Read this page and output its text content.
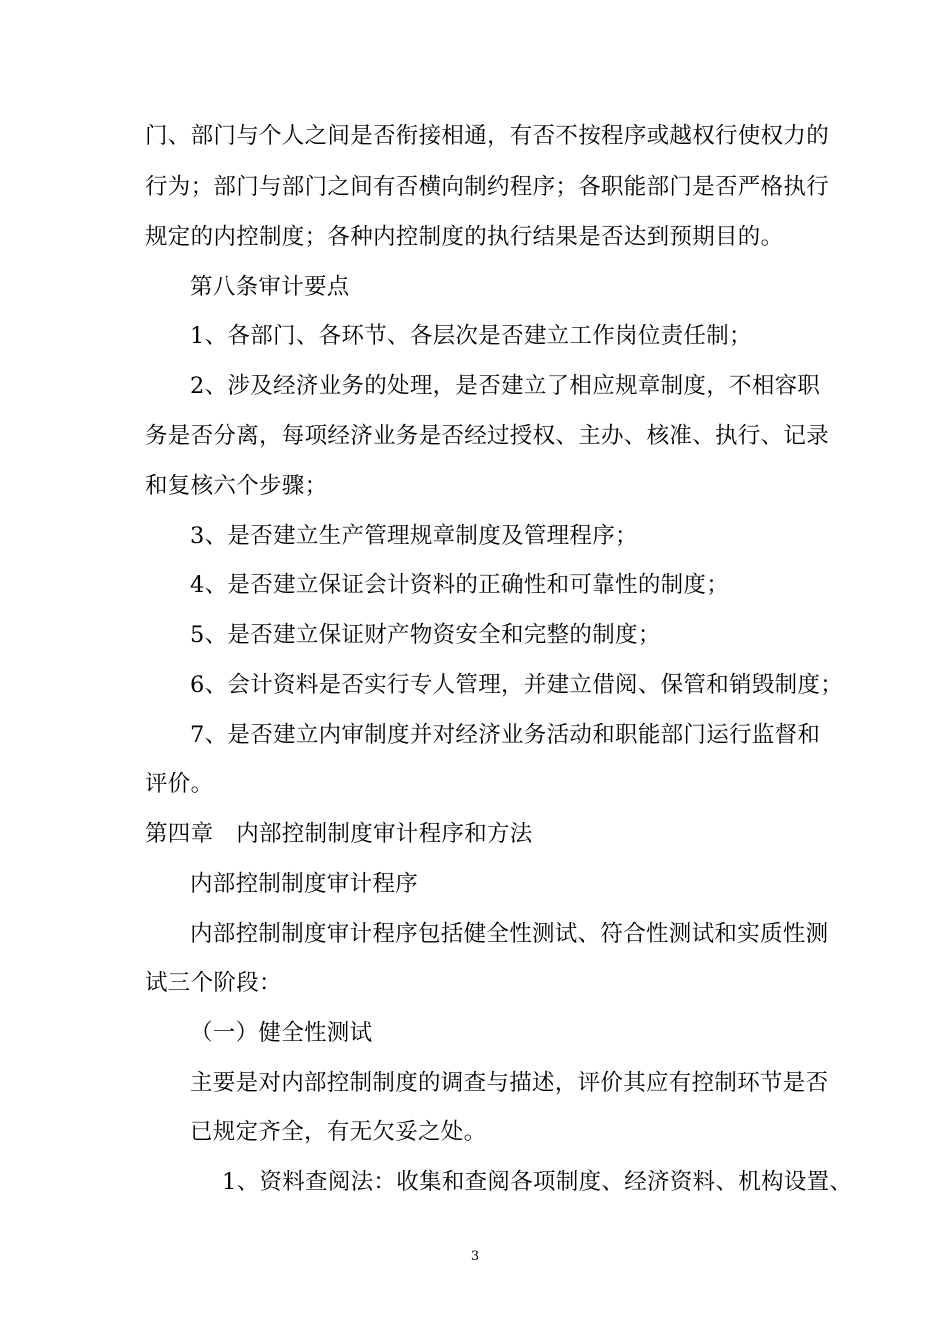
门、部门与个人之间是否衔接相通，有否不按程序或越权行使权力的
行为；部门与部门之间有否横向制约程序；各职能部门是否严格执行
规定的内控制度；各种内控制度的执行结果是否达到预期目的。
第八条审计要点
1、各部门、各环节、各层次是否建立工作岗位责任制；
2、涉及经济业务的处理，是否建立了相应规章制度，不相容职
务是否分离，每项经济业务是否经过授权、主办、核准、执行、记录
和复核六个步骤；
3、是否建立生产管理规章制度及管理程序；
4、是否建立保证会计资料的正确性和可靠性的制度；
5、是否建立保证财产物资安全和完整的制度；
6、会计资料是否实行专人管理，并建立借阅、保管和销毁制度；
7、是否建立内审制度并对经济业务活动和职能部门运行监督和
评价。
第四章　内部控制制度审计程序和方法
内部控制制度审计程序
内部控制制度审计程序包括健全性测试、符合性测试和实质性测
试三个阶段：
（一）健全性测试
主要是对内部控制制度的调查与描述，评价其应有控制环节是否
已规定齐全，有无欠妥之处。
1、资料查阅法：收集和查阅各项制度、经济资料、机构设置、
3
